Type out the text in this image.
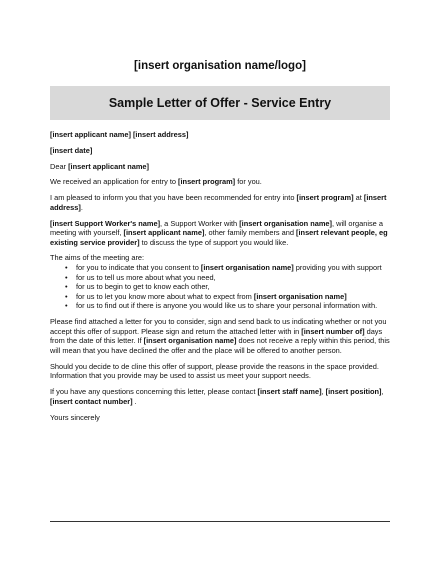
[insert organisation name/logo]
Sample Letter of Offer - Service Entry
[insert applicant name] [insert address]
[insert date]
Dear [insert applicant name]
We received an application for entry to [insert program] for you.
I am pleased to inform you that you have been recommended for entry into [insert program] at [insert address].
[insert Support Worker's name], a Support Worker with [insert organisation name], will organise a meeting with yourself, [insert applicant name], other family members and [insert relevant people, eg existing service provider] to discuss the type of support you would like.
The aims of the meeting are:
• for you to indicate that you consent to [insert organisation name] providing you with support
• for us to tell us more about what you need,
• for us to begin to get to know each other,
• for us to let you know more about what to expect from [insert organisation name]
• for us to find out if there is anyone you would like us to share your personal information with.
Please find attached a letter for you to consider, sign and send back to us indicating whether or not you accept this offer of support. Please sign and return the attached letter with in [insert number of] days from the date of this letter. If [insert organisation name] does not receive a reply within this period, this will mean that you have declined the offer and the place will be offered to another person.
Should you decide to de cline this offer of support, please provide the reasons in the space provided. Information that you provide may be used to assist us meet your support needs.
If you have any questions concerning this letter, please contact [insert staff name], [insert position], [insert contact number] .
Yours sincerely
